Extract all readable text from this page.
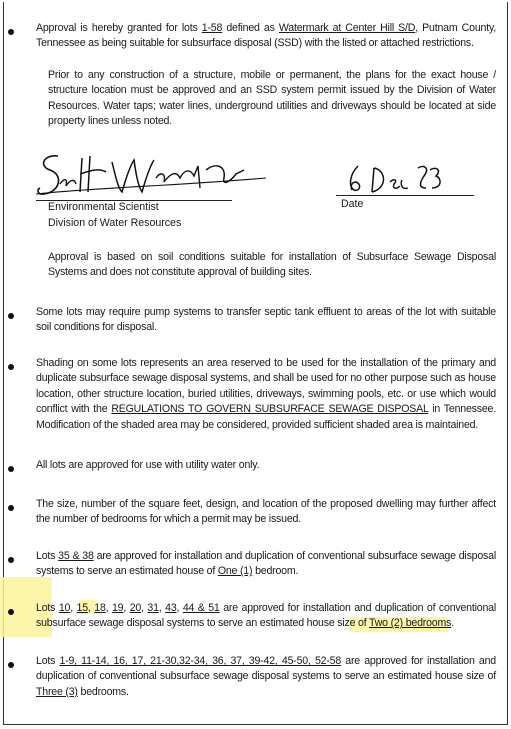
Approval is hereby granted for lots 1-58 defined as Watermark at Center Hill S/D, Putnam County, Tennessee as being suitable for subsurface disposal (SSD) with the listed or attached restrictions.

Prior to any construction of a structure, mobile or permanent, the plans for the exact house / structure location must be approved and an SSD system permit issued by the Division of Water Resources. Water taps; water lines, underground utilities and driveways should be located at side property lines unless noted.

Environmental Scientist
Division of Water Resources
Date

Approval is based on soil conditions suitable for installation of Subsurface Sewage Disposal Systems and does not constitute approval of building sites.

Some lots may require pump systems to transfer septic tank effluent to areas of the lot with suitable soil conditions for disposal.

Shading on some lots represents an area reserved to be used for the installation of the primary and duplicate subsurface sewage disposal systems, and shall be used for no other purpose such as house location, other structure location, buried utilities, driveways, swimming pools, etc. or use which would conflict with the REGULATIONS TO GOVERN SUBSURFACE SEWAGE DISPOSAL in Tennessee. Modification of the shaded area may be considered, provided sufficient shaded area is maintained.

All lots are approved for use with utility water only.

The size, number of the square feet, design, and location of the proposed dwelling may further affect the number of bedrooms for which a permit may be issued.

Lots 35 & 38 are approved for installation and duplication of conventional subsurface sewage disposal systems to serve an estimated house of One (1) bedroom.

Lots 10, 15, 18, 19, 20, 31, 43, 44 & 51 are approved for installation and duplication of conventional subsurface sewage disposal systems to serve an estimated house size of Two (2) bedrooms.

Lots 1-9, 11-14, 16, 17, 21-30,32-34, 36, 37, 39-42, 45-50, 52-58 are approved for installation and duplication of conventional subsurface sewage disposal systems to serve an estimated house size of Three (3) bedrooms.
